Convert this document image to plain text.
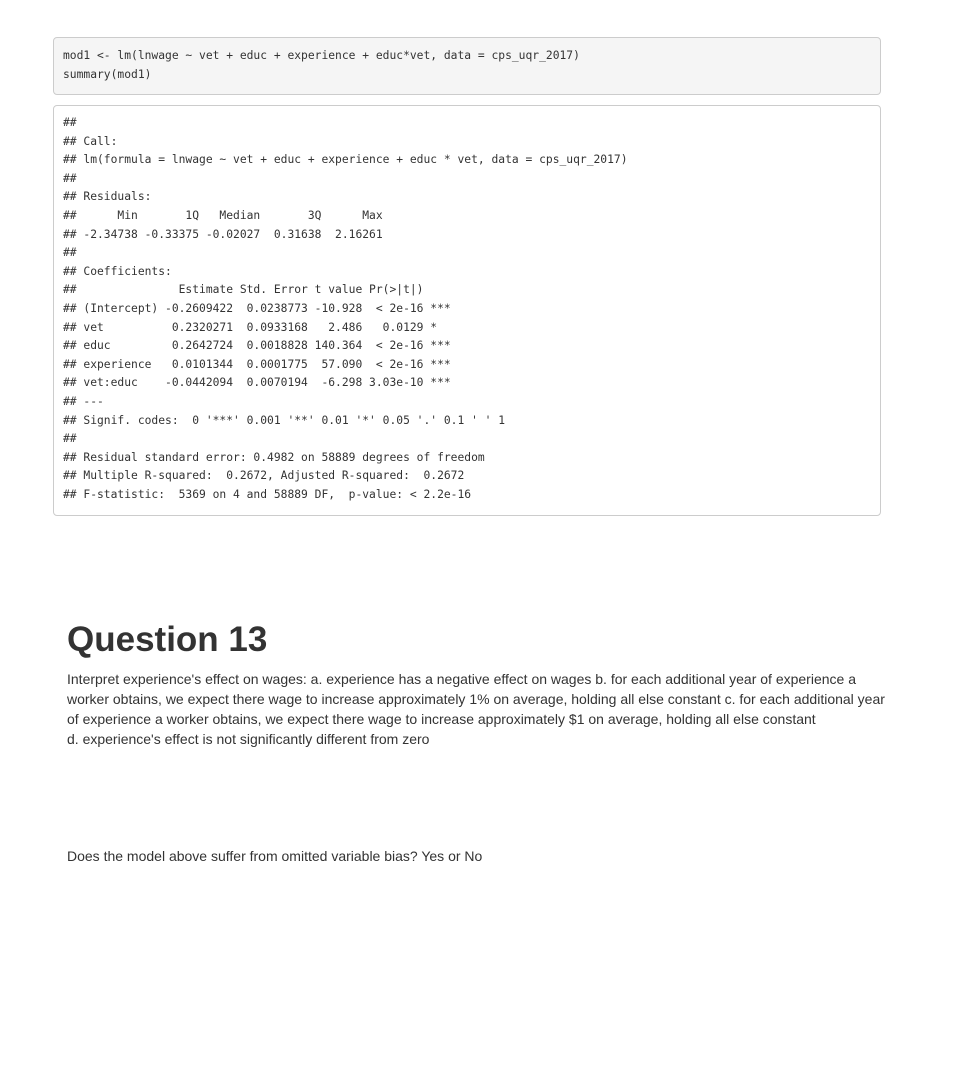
mod1 <- lm(lnwage ~ vet + educ + experience + educ*vet, data = cps_uqr_2017)
summary(mod1)
##
## Call:
## lm(formula = lnwage ~ vet + educ + experience + educ * vet, data = cps_uqr_2017)
##
## Residuals:
##      Min       1Q   Median       3Q      Max
## -2.34738 -0.33375 -0.02027  0.31638  2.16261
##
## Coefficients:
##               Estimate Std. Error t value Pr(>|t|)
## (Intercept) -0.2609422  0.0238773 -10.928  < 2e-16 ***
## vet          0.2320271  0.0933168   2.486   0.0129 *
## educ         0.2642724  0.0018828 140.364  < 2e-16 ***
## experience   0.0101344  0.0001775  57.090  < 2e-16 ***
## vet:educ    -0.0442094  0.0070194  -6.298 3.03e-10 ***
## ---
## Signif. codes:  0 '***' 0.001 '**' 0.01 '*' 0.05 '.' 0.1 ' ' 1
##
## Residual standard error: 0.4982 on 58889 degrees of freedom
## Multiple R-squared:  0.2672, Adjusted R-squared:  0.2672
## F-statistic:  5369 on 4 and 58889 DF,  p-value: < 2.2e-16
Question 13

Interpret experience's effect on wages: a. experience has a negative effect on wages b. for each additional year of experience a worker obtains, we expect there wage to increase approximately 1% on average, holding all else constant c. for each additional year of experience a worker obtains, we expect there wage to increase approximately $1 on average, holding all else constant
d. experience's effect is not significantly different from zero

Does the model above suffer from omitted variable bias? Yes or No
